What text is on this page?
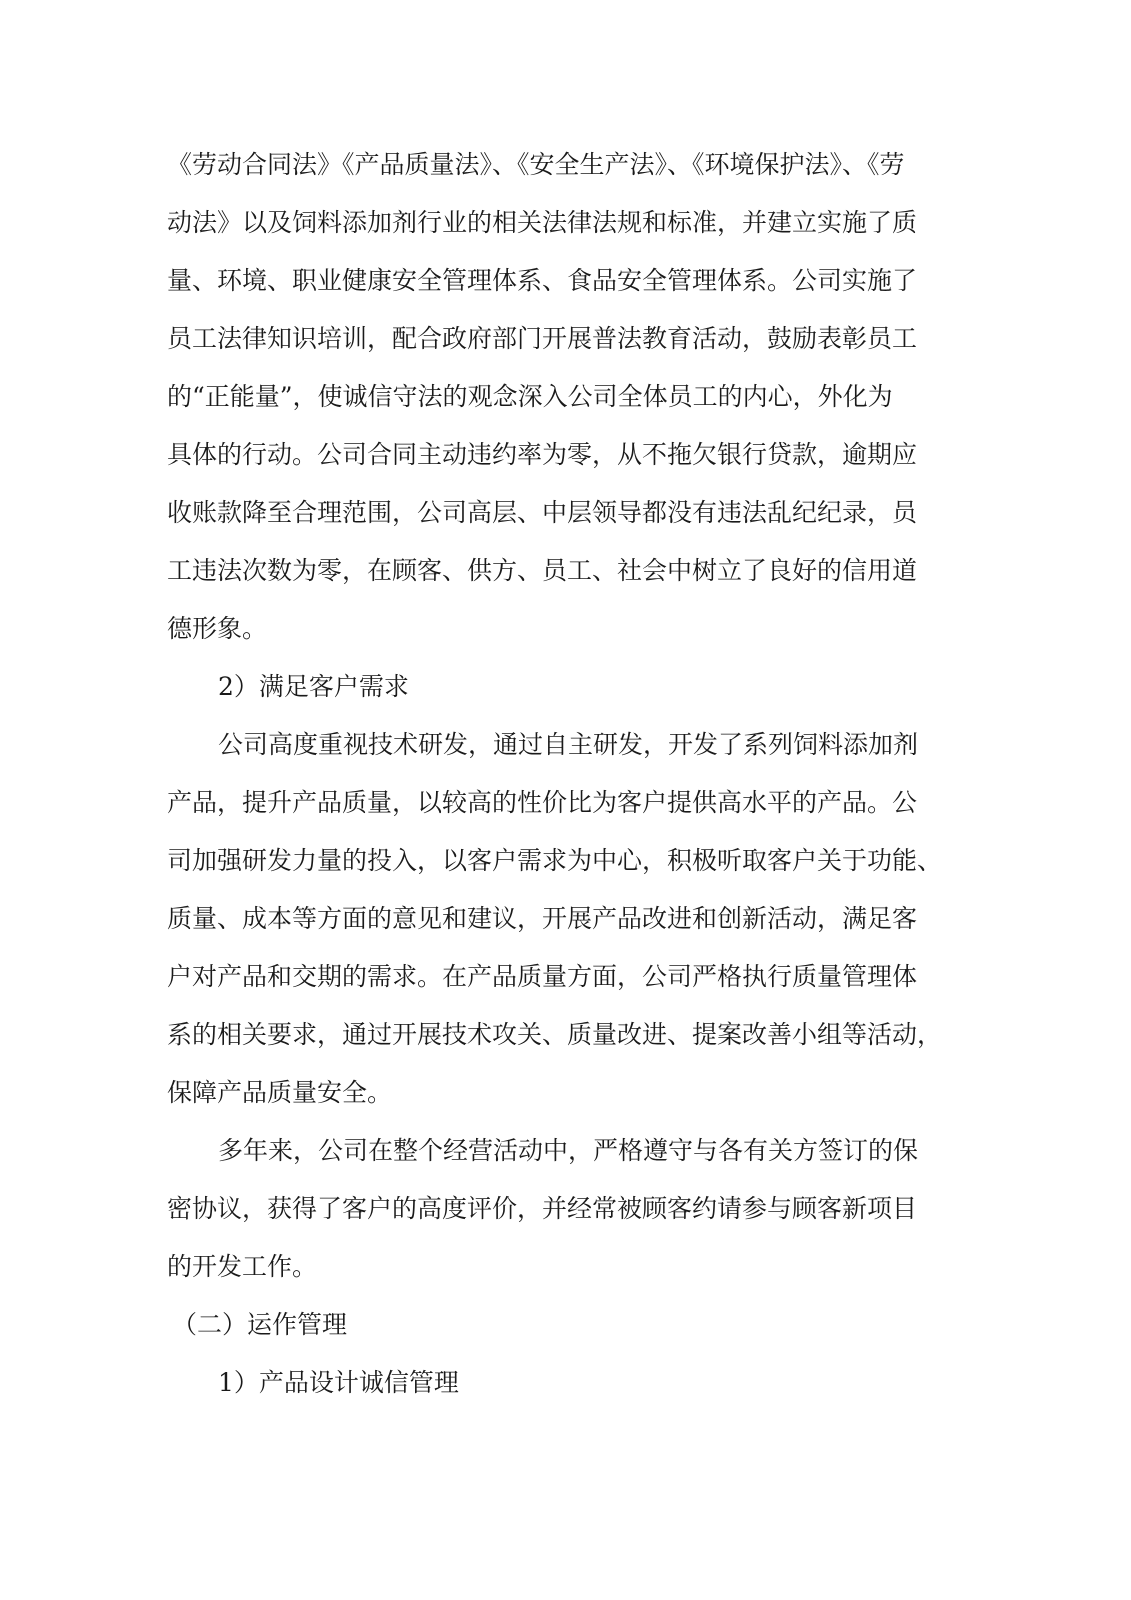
《劳动合同法》《产品质量法》、《安全生产法》、《环境保护法》、《劳

动法》以及饲料添加剂行业的相关法律法规和标准，并建立实施了质

量、环境、职业健康安全管理体系、食品安全管理体系。公司实施了

员工法律知识培训，配合政府部门开展普法教育活动，鼓励表彰员工

的“正能量”，使诚信守法的观念深入公司全体员工的内心，外化为

具体的行动。公司合同主动违约率为零，从不拖欠银行贷款，逾期应

收账款降至合理范围，公司高层、中层领导都没有违法乱纪纪录，员

工违法次数为零，在顾客、供方、员工、社会中树立了良好的信用道

德形象。

2）满足客户需求

公司高度重视技术研发，通过自主研发，开发了系列饲料添加剂

产品，提升产品质量，以较高的性价比为客户提供高水平的产品。公

司加强研发力量的投入，以客户需求为中心，积极听取客户关于功能、

质量、成本等方面的意见和建议，开展产品改进和创新活动，满足客

户对产品和交期的需求。在产品质量方面，公司严格执行质量管理体

系的相关要求，通过开展技术攻关、质量改进、提案改善小组等活动，

保障产品质量安全。

多年来，公司在整个经营活动中，严格遵守与各有关方签订的保

密协议，获得了客户的高度评价，并经常被顾客约请参与顾客新项目

的开发工作。

（二）运作管理
1）产品设计诚信管理
